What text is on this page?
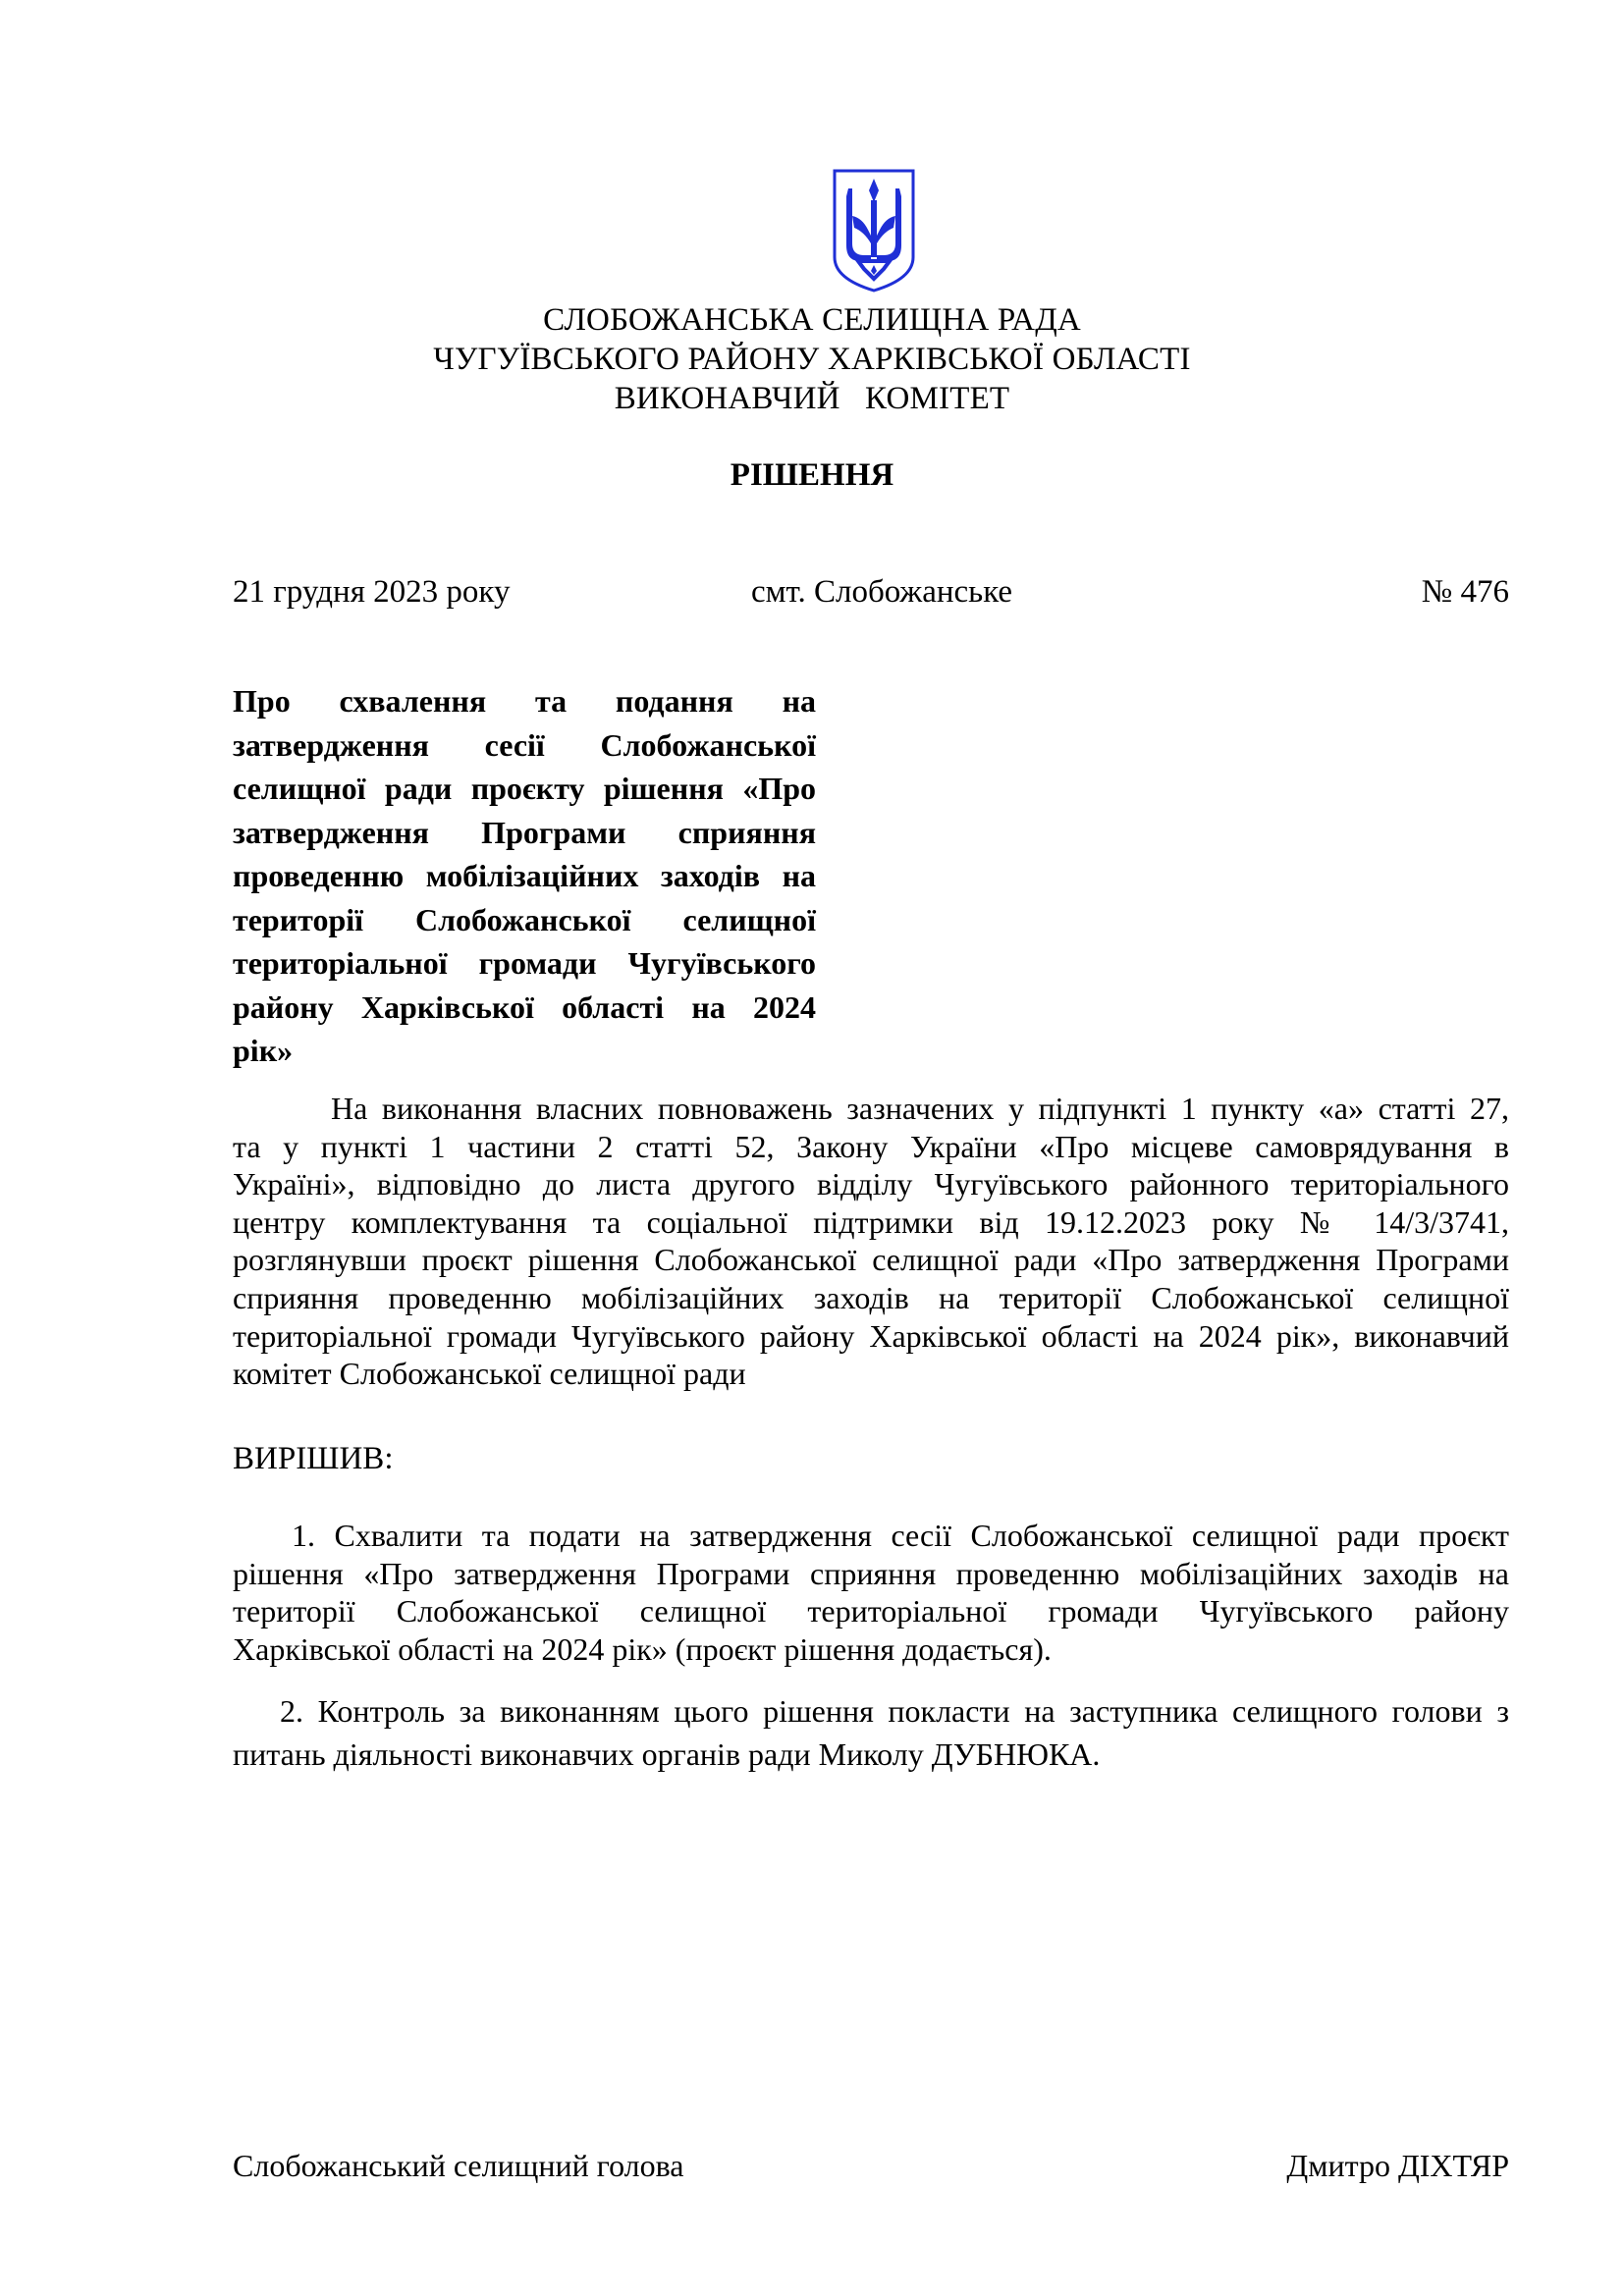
СЛОБОЖАНСЬКА СЕЛИЩНА РАДА
ЧУГУЇВСЬКОГО РАЙОНУ ХАРКІВСЬКОЇ ОБЛАСТІ
ВИКОНАВЧИЙ   КОМІТЕТ
РІШЕННЯ
21 грудня 2023 року	смт. Слобожанське	№ 476
Про схвалення та подання на
затвердження сесії Слобожанської
селищної ради проєкту рішення «Про
затвердження Програми сприяння
проведенню мобілізаційних заходів на
території Слобожанської селищної
територіальної громади Чугуївського
району Харківської області на 2024
рік»
На виконання власних повноважень зазначених у підпункті 1 пункту «а» статті 27,
та у пункті 1 частини 2 статті 52, Закону України «Про місцеве самоврядування в
Україні», відповідно до листа другого відділу Чугуївського районного територіального
центру комплектування та соціальної підтримки від 19.12.2023 року № 14/3/3741,
розглянувши проєкт рішення Слобожанської селищної ради «Про затвердження Програми
сприяння проведенню мобілізаційних заходів на території Слобожанської селищної
територіальної громади Чугуївського району Харківської області на 2024 рік», виконавчий
комітет Слобожанської селищної ради
ВИРІШИВ:
1. Схвалити та подати на затвердження сесії Слобожанської селищної ради проєкт
рішення «Про затвердження Програми сприяння проведенню мобілізаційних заходів на
території Слобожанської селищної територіальної громади Чугуївського району
Харківської області на 2024 рік» (проєкт рішення додається).
2. Контроль за виконанням цього рішення покласти на заступника селищного голови з
питань діяльності виконавчих органів ради Миколу ДУБНЮКА.
Слобожанський селищний голова	Дмитро ДІХТЯР
